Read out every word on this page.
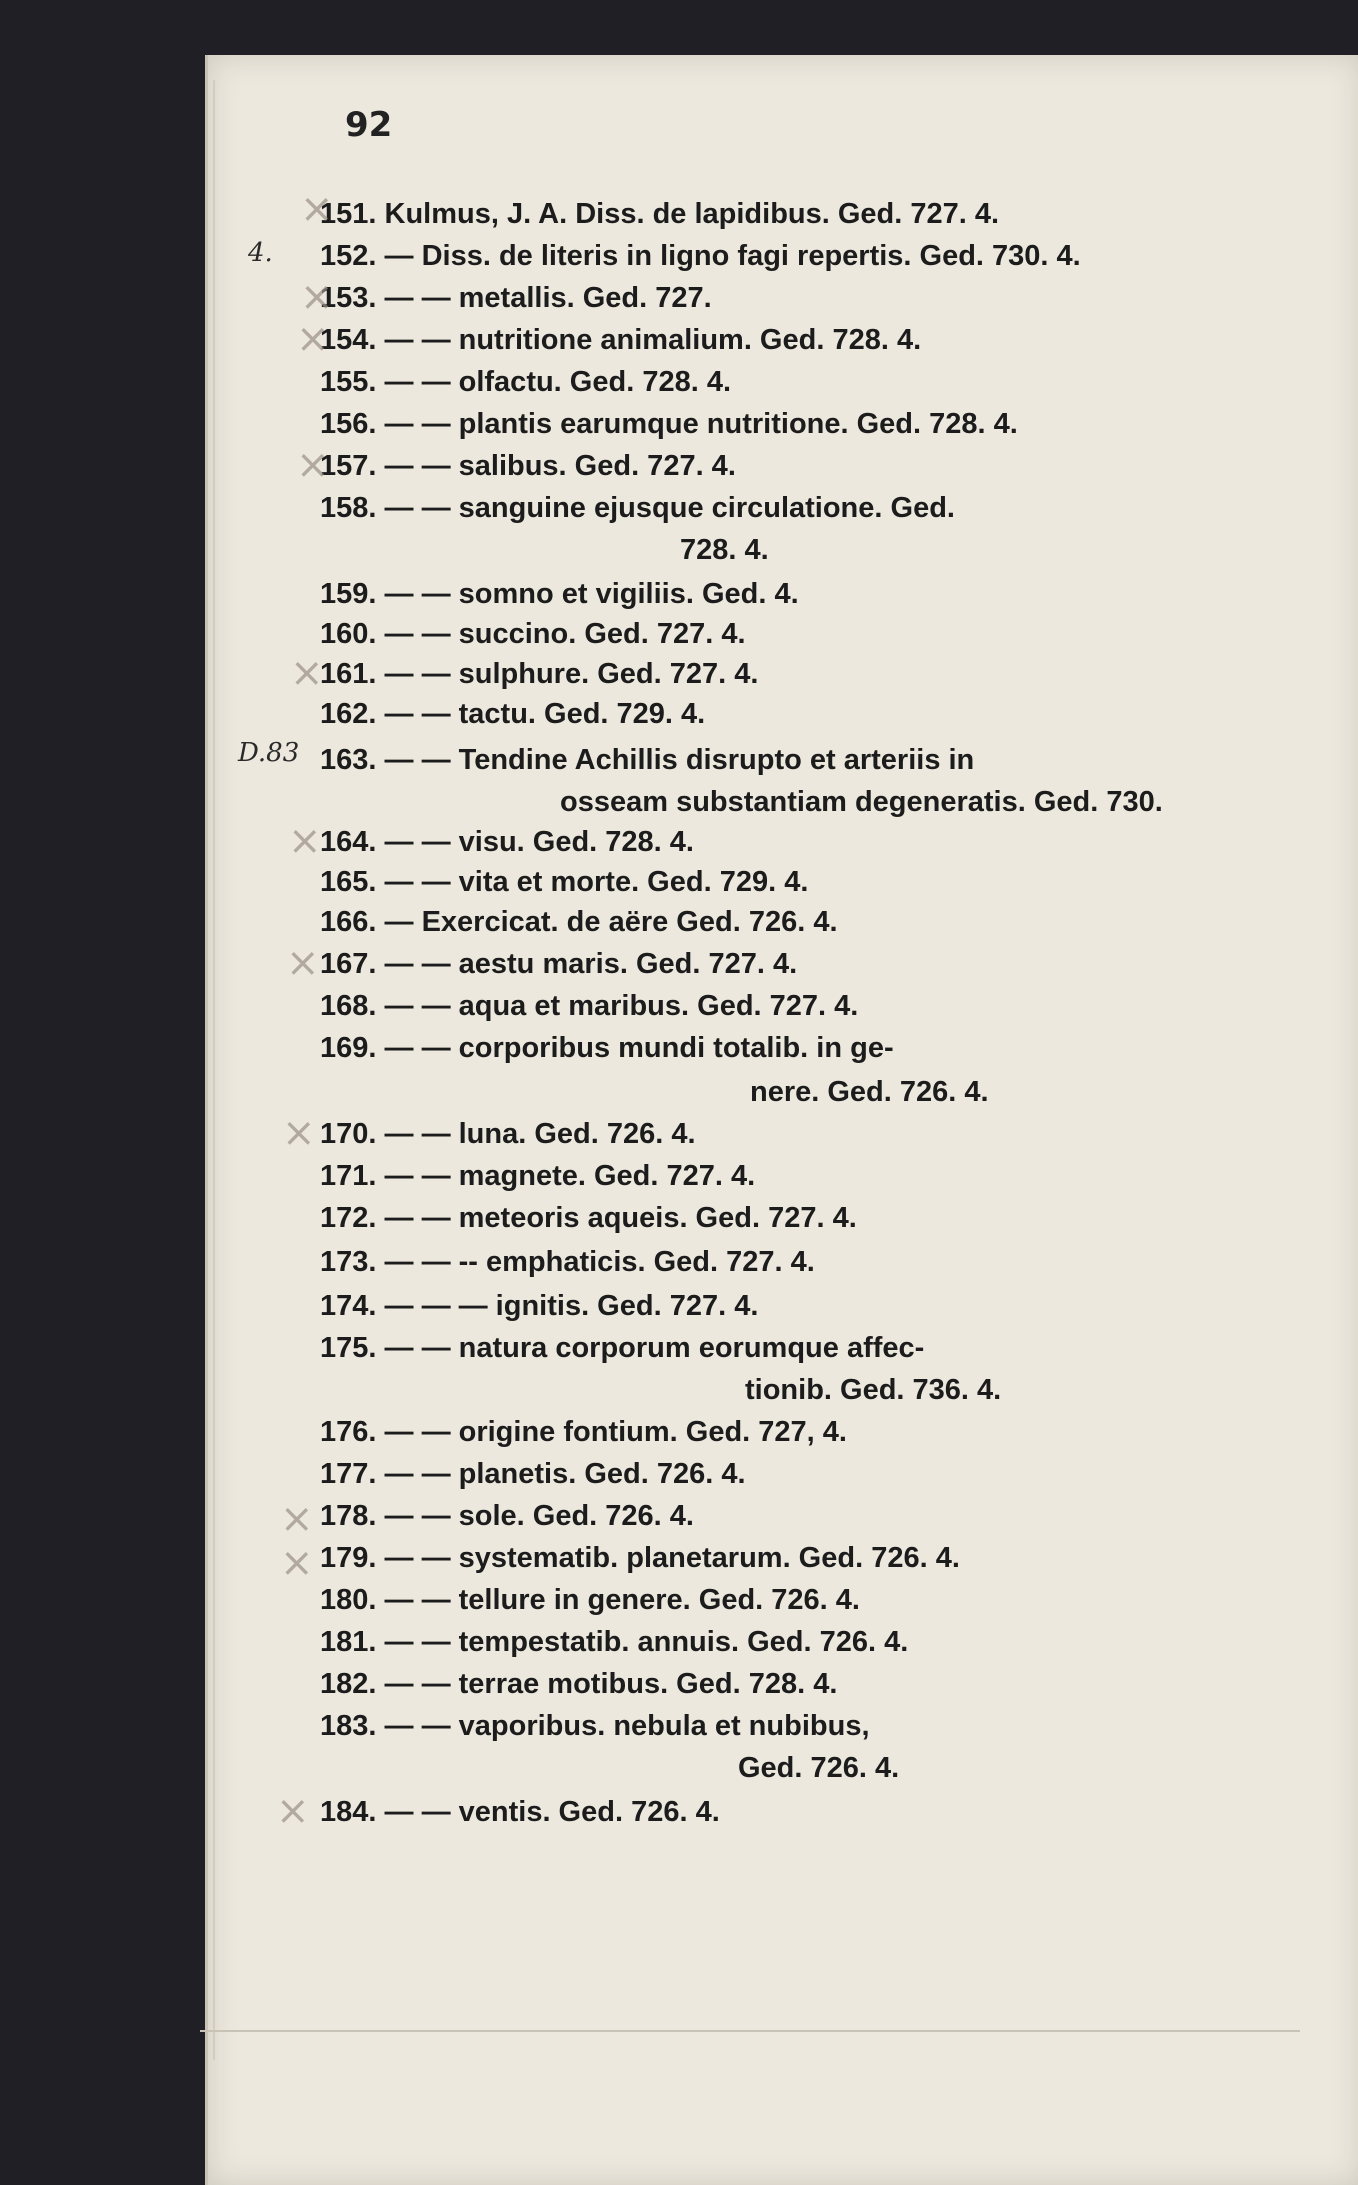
92
4.
D.83
151. Kulmus, J. A. Diss. de lapidibus. Ged. 727. 4.
152. — Diss. de literis in ligno fagi repertis. Ged. 730. 4.
153. — — metallis. Ged. 727.
154. — — nutritione animalium. Ged. 728. 4.
155. — — olfactu. Ged. 728. 4.
156. — — plantis earumque nutritione. Ged. 728. 4.
157. — — salibus. Ged. 727. 4.
158. — — sanguine ejusque circulatione. Ged.
728. 4.
159. — — somno et vigiliis. Ged. 4.
160. — — succino. Ged. 727. 4.
161. — — sulphure. Ged. 727. 4.
162. — — tactu. Ged. 729. 4.
163. — — Tendine Achillis disrupto et arteriis in
osseam substantiam degeneratis. Ged. 730.
164. — — visu. Ged. 728. 4.
165. — — vita et morte. Ged. 729. 4.
166. — Exercicat. de aëre Ged. 726. 4.
167. — — aestu maris. Ged. 727. 4.
168. — — aqua et maribus. Ged. 727. 4.
169. — — corporibus mundi totalib. in ge-
nere. Ged. 726. 4.
170. — — luna. Ged. 726. 4.
171. — — magnete. Ged. 727. 4.
172. — — meteoris aqueis. Ged. 727. 4.
173. — — -- emphaticis. Ged. 727. 4.
174. — — — ignitis. Ged. 727. 4.
175. — — natura corporum eorumque affec-
tionib. Ged. 736. 4.
176. — — origine fontium. Ged. 727, 4.
177. — — planetis. Ged. 726. 4.
178. — — sole. Ged. 726. 4.
179. — — systematib. planetarum. Ged. 726. 4.
180. — — tellure in genere. Ged. 726. 4.
181. — — tempestatib. annuis. Ged. 726. 4.
182. — — terrae motibus. Ged. 728. 4.
183. — — vaporibus. nebula et nubibus,
Ged. 726. 4.
184. — — ventis. Ged. 726. 4.
×
×
×
×
×
×
×
×
×
×
×
